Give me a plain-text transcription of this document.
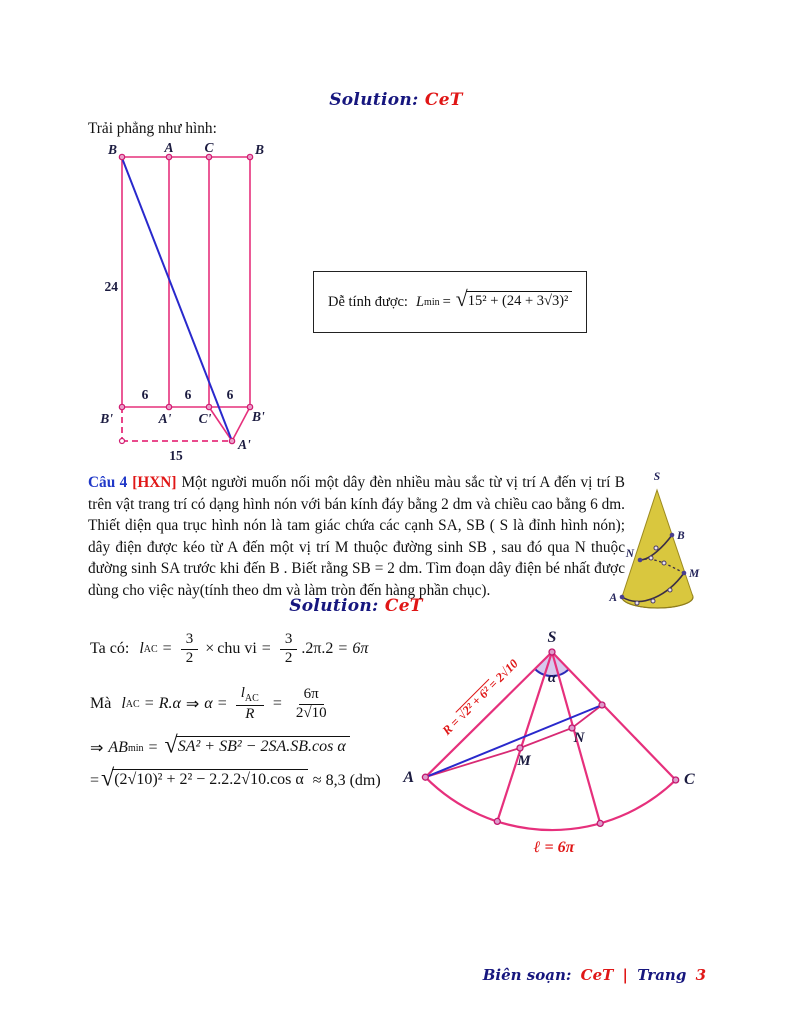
Solution: CeT
Trải phẳng như hình:
B	A C	B
24
6	6	6
B'	A' C'	B'
A'
15
Dễ tính được: L min = √ 15² + (24 + 3√3)²
Câu 4 [HXN] Một người muốn nối một dây đèn nhiều màu sắc từ vị trí A đến vị trí B trên vật trang trí có dạng hình nón với bán kính đáy bằng 2 dm và chiều cao bằng 6 dm. Thiết diện qua trục hình nón là tam giác chứa các cạnh SA, SB ( S là đỉnh hình nón); dây điện được kéo từ A đến một vị trí M thuộc đường sinh SB , sau đó qua N thuộc đường sinh SA trước khi đến B . Biết rằng SB = 2 dm. Tìm đoạn dây điện bé nhất được dùng cho việc này(tính theo dm và làm tròn đến hàng phần chục).
S
B
N
M
A
Solution: CeT
Ta có: l AC = $\frac{3}{2}$ × chu vi = $\frac{3}{2} .2\pi.2 = 6\pi$
Mà l AC = R.α ⇒ $\alpha = \frac{l_{AC}}{R} = \frac{6\pi}{2√10}$
⇒ AB min = √ SA² + SB² − 2SA.SB.cos α
= √ (2√10)² + 2² − 2.2.2√10.cos α ≈ 8,3 (dm)
S
α
A	C
M
N
R = √2² + 6² = 2√10
ℓ = 6π
Biên soạn: CeT | Trang 3
